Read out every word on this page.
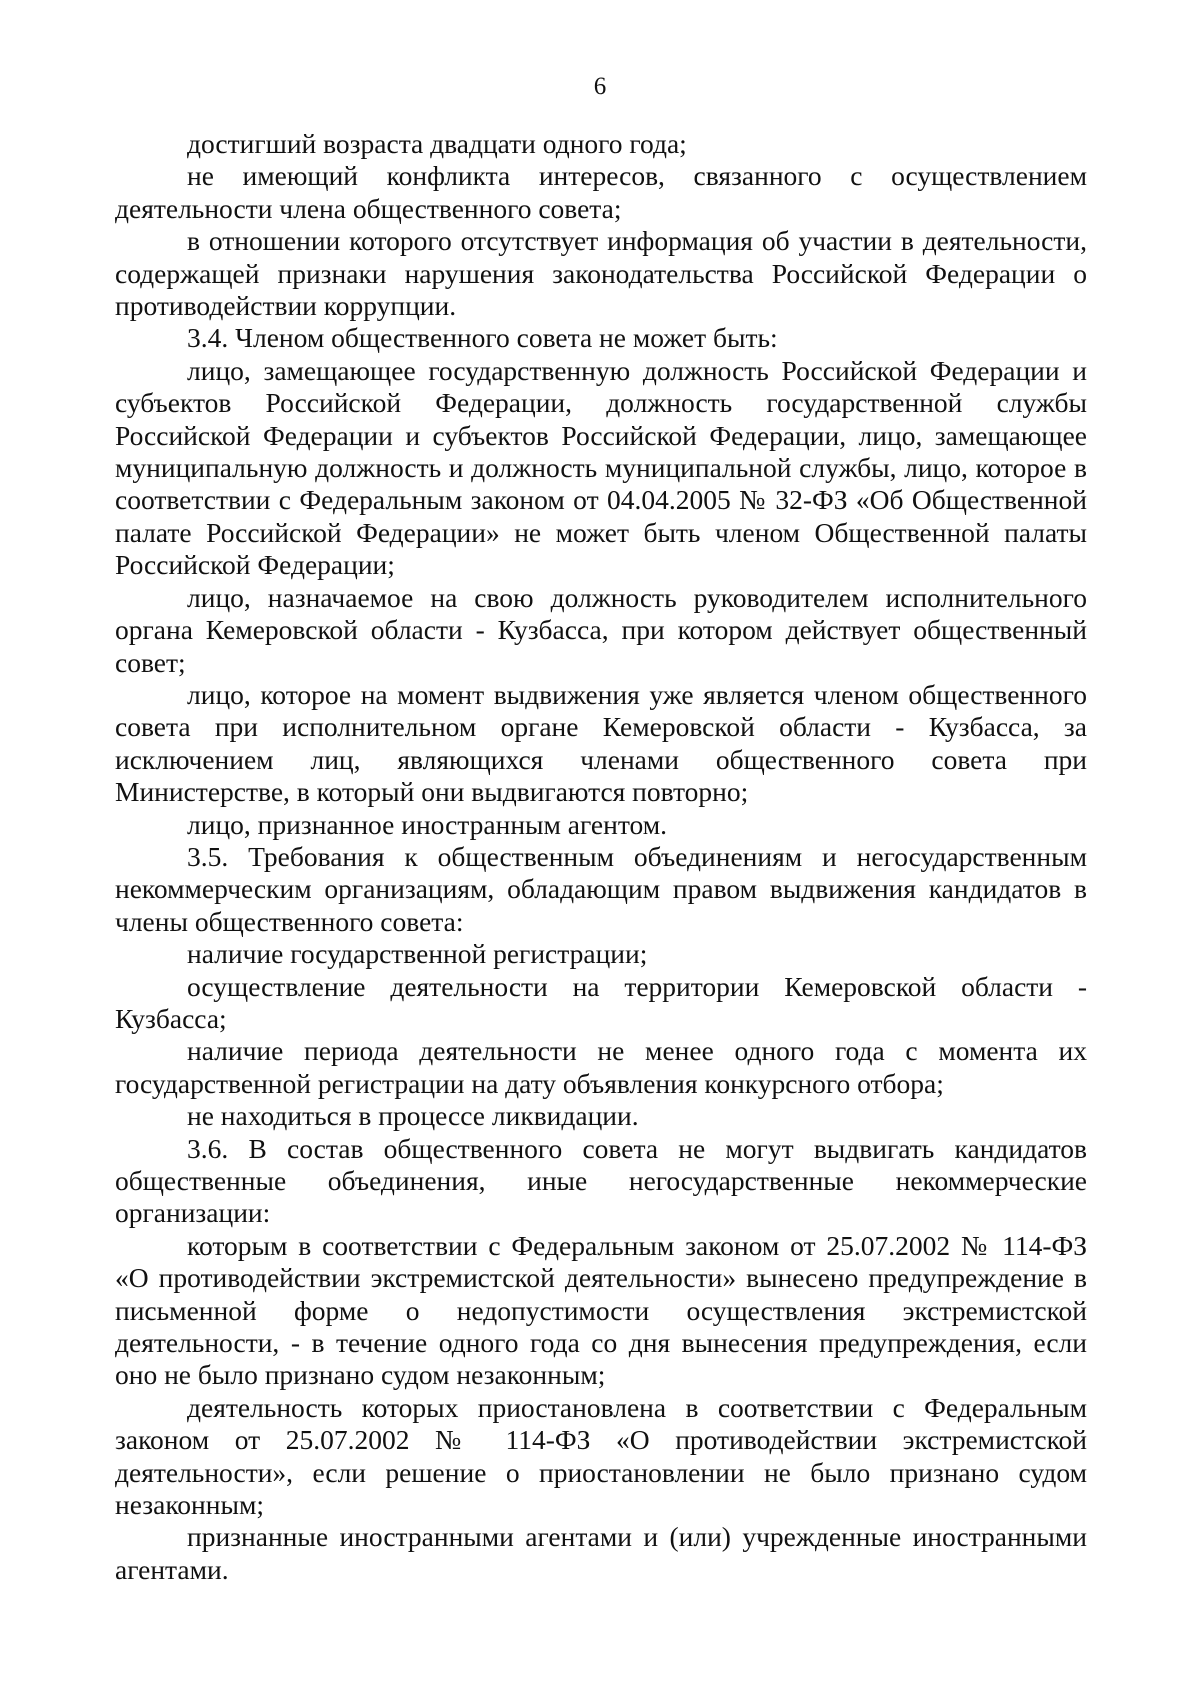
6

достигший возраста двадцати одного года;

не имеющий конфликта интересов, связанного с осуществлением деятельности члена общественного совета;

в отношении которого отсутствует информация об участии в деятельности, содержащей признаки нарушения законодательства Российской Федерации о противодействии коррупции.

3.4. Членом общественного совета не может быть:

лицо, замещающее государственную должность Российской Федерации и субъектов Российской Федерации, должность государственной службы Российской Федерации и субъектов Российской Федерации, лицо, замещающее муниципальную должность и должность муниципальной службы, лицо, которое в соответствии с Федеральным законом от 04.04.2005 № 32-ФЗ «Об Общественной палате Российской Федерации» не может быть членом Общественной палаты Российской Федерации;

лицо, назначаемое на свою должность руководителем исполнительного органа Кемеровской области - Кузбасса, при котором действует общественный совет;

лицо, которое на момент выдвижения уже является членом общественного совета при исполнительном органе Кемеровской области - Кузбасса, за исключением лиц, являющихся членами общественного совета при Министерстве, в который они выдвигаются повторно;

лицо, признанное иностранным агентом.

3.5. Требования к общественным объединениям и негосударственным некоммерческим организациям, обладающим правом выдвижения кандидатов в члены общественного совета:

наличие государственной регистрации;

осуществление деятельности на территории Кемеровской области - Кузбасса;

наличие периода деятельности не менее одного года с момента их государственной регистрации на дату объявления конкурсного отбора;

не находиться в процессе ликвидации.

3.6. В состав общественного совета не могут выдвигать кандидатов общественные объединения, иные негосударственные некоммерческие организации:

которым в соответствии с Федеральным законом от 25.07.2002 № 114-ФЗ «О противодействии экстремистской деятельности» вынесено предупреждение в письменной форме о недопустимости осуществления экстремистской деятельности, - в течение одного года со дня вынесения предупреждения, если оно не было признано судом незаконным;

деятельность которых приостановлена в соответствии с Федеральным законом от 25.07.2002 № 114-ФЗ «О противодействии экстремистской деятельности», если решение о приостановлении не было признано судом незаконным;

признанные иностранными агентами и (или) учрежденные иностранными агентами.
